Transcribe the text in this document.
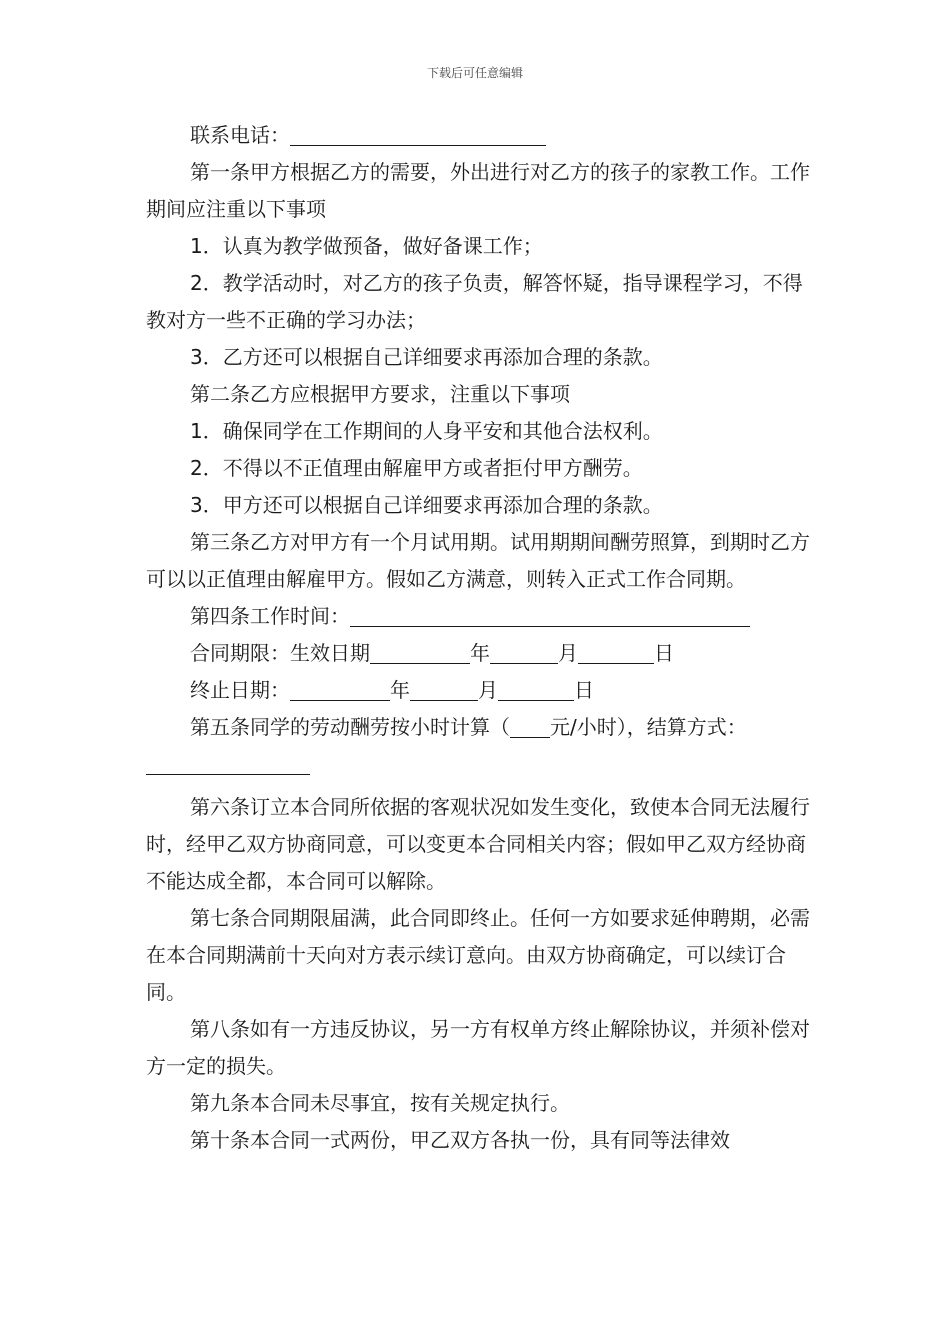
下载后可任意编辑

联系电话：

第一条甲方根据乙方的需要，外出进行对乙方的孩子的家教工作。工作期间应注重以下事项

1．认真为教学做预备，做好备课工作；

2．教学活动时，对乙方的孩子负责，解答怀疑，指导课程学习，不得教对方一些不正确的学习办法；

3．乙方还可以根据自己详细要求再添加合理的条款。

第二条乙方应根据甲方要求，注重以下事项

1．确保同学在工作期间的人身平安和其他合法权利。

2．不得以不正值理由解雇甲方或者拒付甲方酬劳。

3．甲方还可以根据自己详细要求再添加合理的条款。

第三条乙方对甲方有一个月试用期。试用期期间酬劳照算，到期时乙方可以以正值理由解雇甲方。假如乙方满意，则转入正式工作合同期。

第四条工作时间：

合同期限：生效日期	年	月	日

终止日期：	年	月	日

第五条同学的劳动酬劳按小时计算（ 元/小时），结算方式：

第六条订立本合同所依据的客观状况如发生变化，致使本合同无法履行时，经甲乙双方协商同意，可以变更本合同相关内容；假如甲乙双方经协商不能达成全都，本合同可以解除。

第七条合同期限届满，此合同即终止。任何一方如要求延伸聘期，必需在本合同期满前十天向对方表示续订意向。由双方协商确定，可以续订合同。

第八条如有一方违反协议，另一方有权单方终止解除协议，并须补偿对方一定的损失。

第九条本合同未尽事宜，按有关规定执行。

第十条本合同一式两份，甲乙双方各执一份，具有同等法律效
